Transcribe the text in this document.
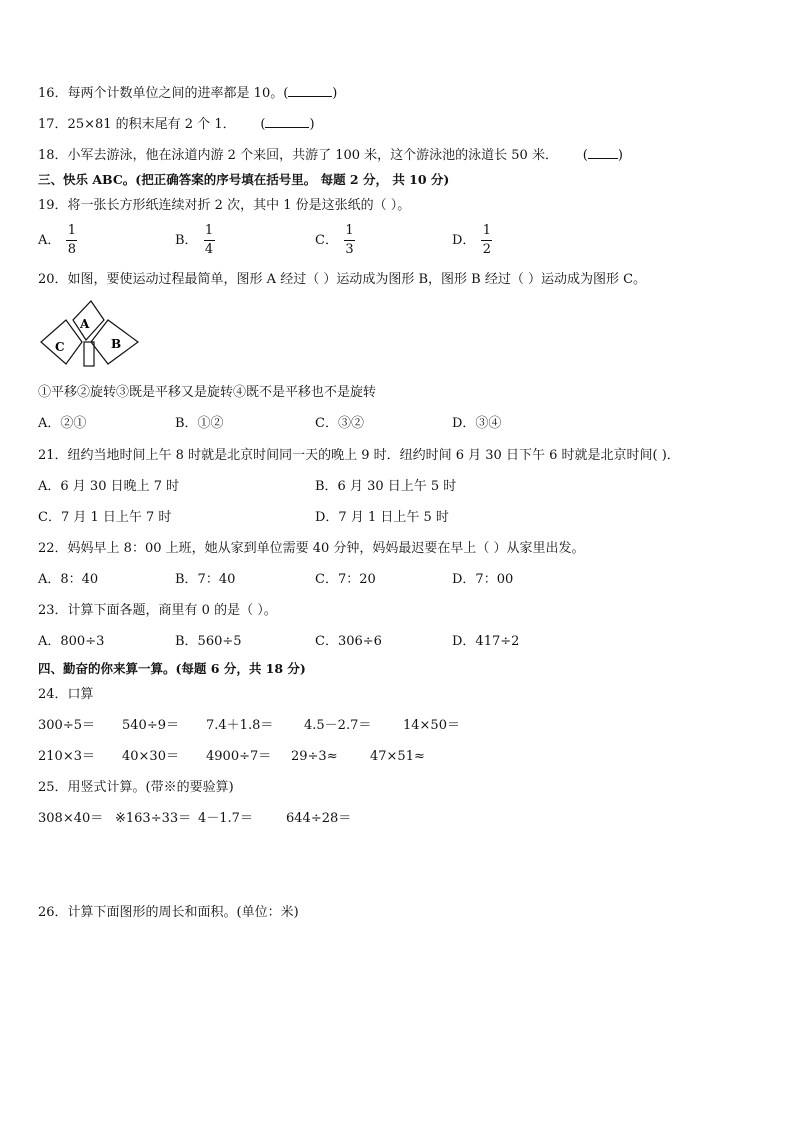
16．每两个计数单位之间的进率都是 10。(	)
17．25×81 的积末尾有 2 个 1．      (	)
18．小军去游泳，他在泳道内游 2 个来回，共游了 100 米，这个游泳池的泳道长 50 米．      ( )
三、快乐 ABC。(把正确答案的序号填在括号里。 每题 2 分， 共 10 分)
19．将一张长方形纸连续对折 2 次，其中 1 份是这张纸的（ ）。
A． $\frac{1}{8}$	B． $\frac{1}{4}$	C． $\frac{1}{3}$	D． $\frac{1}{2}$
20．如图，要使运动过程最简单，图形 A 经过（ ）运动成为图形 B，图形 B 经过（ ）运动成为图形 C。
A
B
C
①平移②旋转③既是平移又是旋转④既不是平移也不是旋转
A．②①	B．①②	C．③②	D．③④
21．纽约当地时间上午 8 时就是北京时间同一天的晚上 9 时．纽约时间 6 月 30 日下午 6 时就是北京时间( )．
A．6 月 30 日晚上 7 时	B．6 月 30 日上午 5 时
C．7 月 1 日上午 7 时	D．7 月 1 日上午 5 时
22．妈妈早上 8：00 上班，她从家到单位需要 40 分钟，妈妈最迟要在早上（ ）从家里出发。
A．8：40	B．7：40	C．7：20	D．7：00
23．计算下面各题，商里有 0 的是（ ）。
A．800÷3	B．560÷5	C．306÷6	D．417÷2
四、勤奋的你来算一算。(每题 6 分，共 18 分)
24．口算
300÷5＝ 540÷9＝ 7.4＋1.8＝ 4.5－2.7＝ 14×50＝
210×3＝ 40×30＝ 4900÷7＝ 29÷3≈ 47×51≈
25．用竖式计算。(带※的要验算)
308×40＝ ※163÷33＝ 4－1.7＝	644÷28＝
26．计算下面图形的周长和面积。(单位：米)
